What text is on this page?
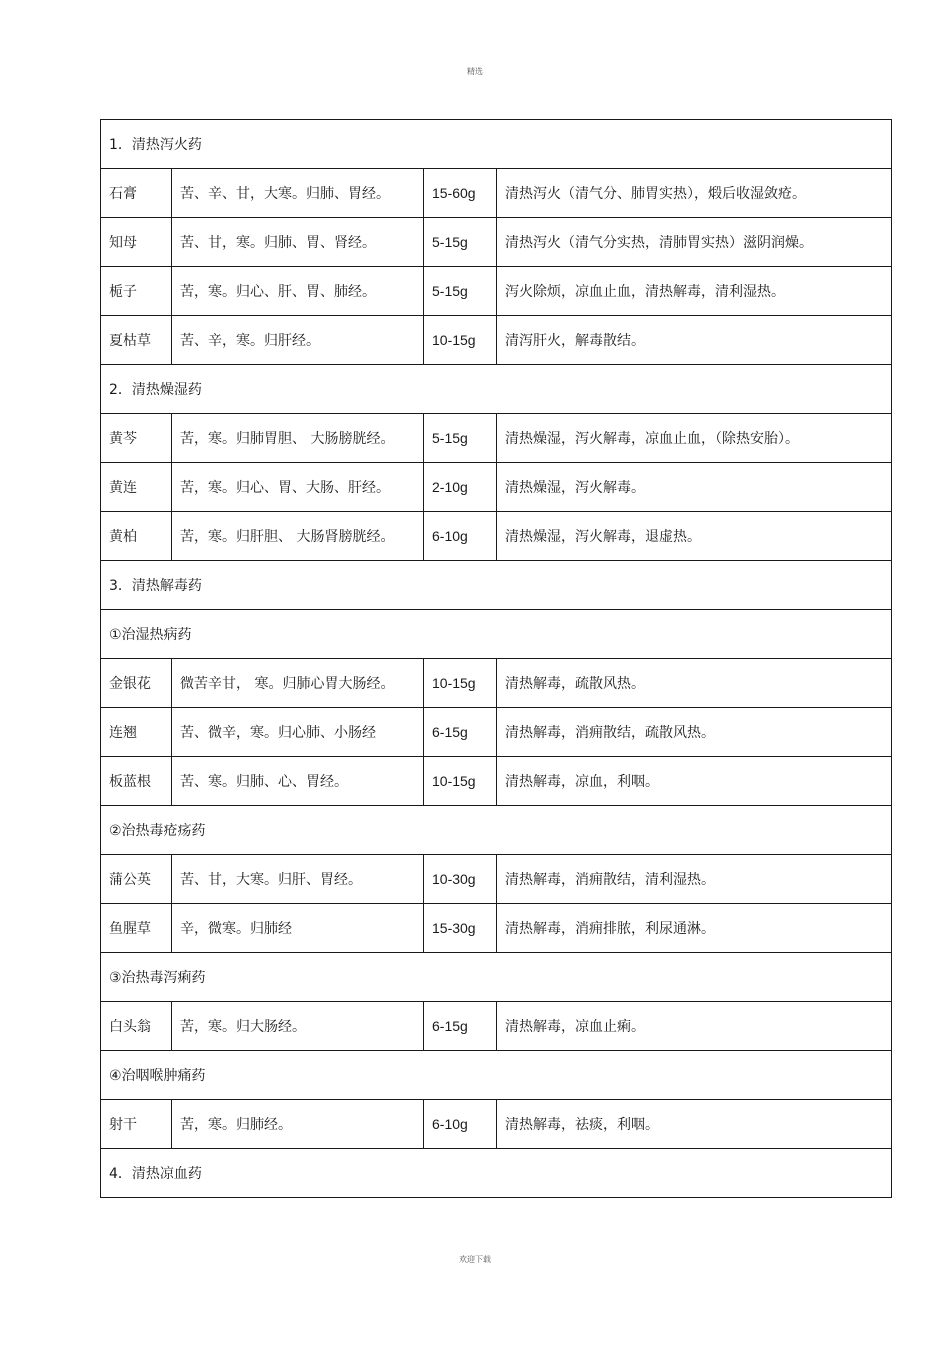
精选
1．清热泻火药			
石膏	苦、辛、甘，大寒。归肺、胃经。	15-60g	清热泻火（清气分、肺胃实热），煅后收湿敛疮。
知母	苦、甘，寒。归肺、胃、肾经。	5-15g	清热泻火（清气分实热，清肺胃实热）滋阴润燥。
栀子	苦，寒。归心、肝、胃、肺经。	5-15g	泻火除烦，凉血止血，清热解毒，清利湿热。
夏枯草	苦、辛，寒。归肝经。	10-15g	清泻肝火，解毒散结。
2．清热燥湿药			
黄芩	苦，寒。归肺胃胆、 大肠膀胱经。	5-15g	清热燥湿，泻火解毒，凉血止血，（除热安胎）。
黄连	苦，寒。归心、胃、大肠、肝经。	2-10g	清热燥湿，泻火解毒。
黄柏	苦，寒。归肝胆、 大肠肾膀胱经。	6-10g	清热燥湿，泻火解毒，退虚热。
3．清热解毒药			
①治湿热病药			
金银花	微苦辛甘， 寒。归肺心胃大肠经。	10-15g	清热解毒，疏散风热。
连翘	苦、微辛，寒。归心肺、小肠经	6-15g	清热解毒，消痈散结，疏散风热。
板蓝根	苦、寒。归肺、心、胃经。	10-15g	清热解毒，凉血，利咽。
②治热毒疮疡药			
蒲公英	苦、甘，大寒。归肝、胃经。	10-30g	清热解毒，消痈散结，清利湿热。
鱼腥草	辛，微寒。归肺经	15-30g	清热解毒，消痈排脓，利尿通淋。
③治热毒泻痢药			
白头翁	苦，寒。归大肠经。	6-15g	清热解毒，凉血止痢。
④治咽喉肿痛药			
射干	苦，寒。归肺经。	6-10g	清热解毒，祛痰，利咽。
4．清热凉血药			
欢迎下载
